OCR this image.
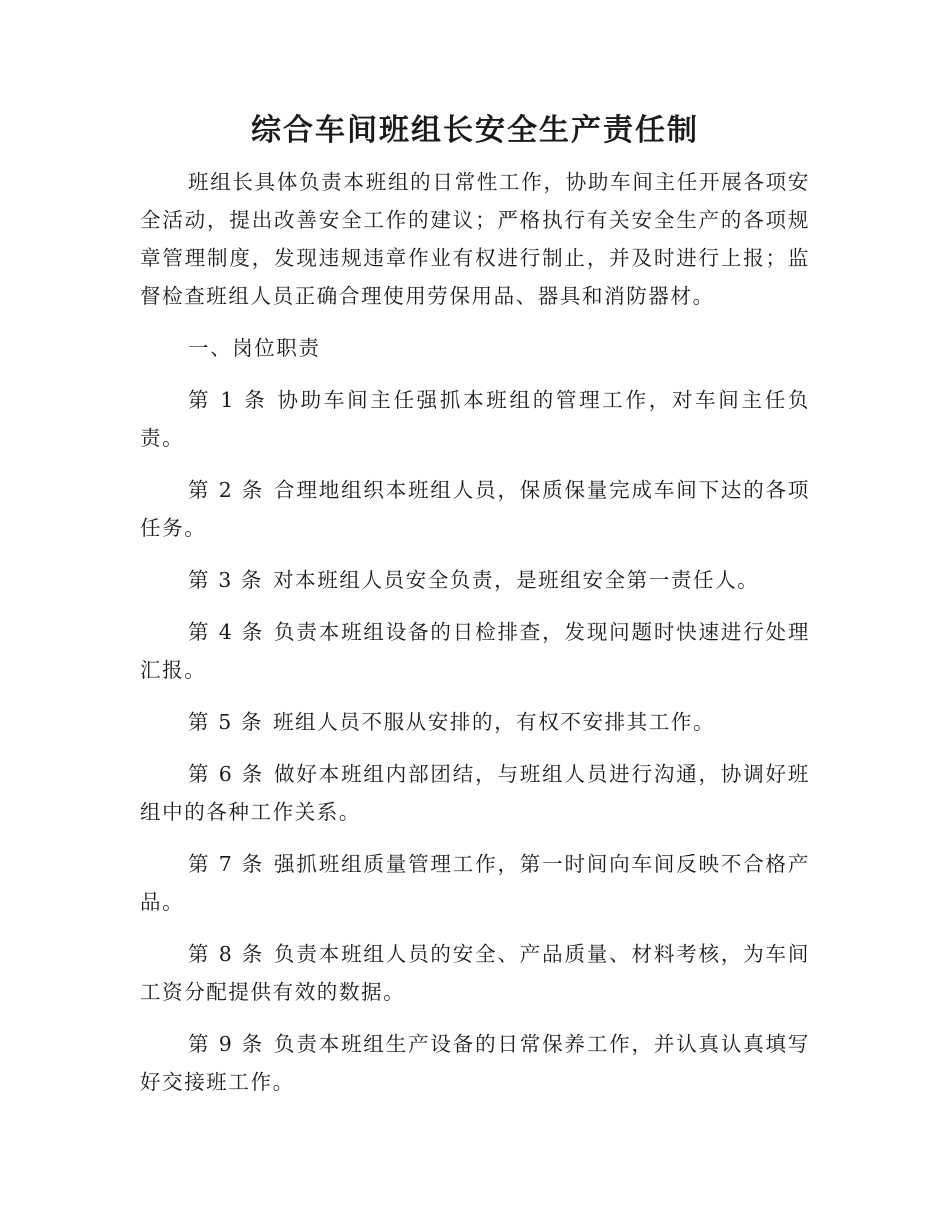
综合车间班组长安全生产责任制

班组长具体负责本班组的日常性工作，协助车间主任开展各项安全活动，提出改善安全工作的建议；严格执行有关安全生产的各项规章管理制度，发现违规违章作业有权进行制止，并及时进行上报；监督检查班组人员正确合理使用劳保用品、器具和消防器材。

一、岗位职责

第 1 条 协助车间主任强抓本班组的管理工作，对车间主任负责。

第 2 条 合理地组织本班组人员，保质保量完成车间下达的各项任务。

第 3 条 对本班组人员安全负责，是班组安全第一责任人。

第 4 条 负责本班组设备的日检排查，发现问题时快速进行处理汇报。

第 5 条 班组人员不服从安排的，有权不安排其工作。

第 6 条 做好本班组内部团结，与班组人员进行沟通，协调好班组中的各种工作关系。

第 7 条 强抓班组质量管理工作，第一时间向车间反映不合格产品。

第 8 条 负责本班组人员的安全、产品质量、材料考核，为车间工资分配提供有效的数据。

第 9 条 负责本班组生产设备的日常保养工作，并认真认真填写好交接班工作。
